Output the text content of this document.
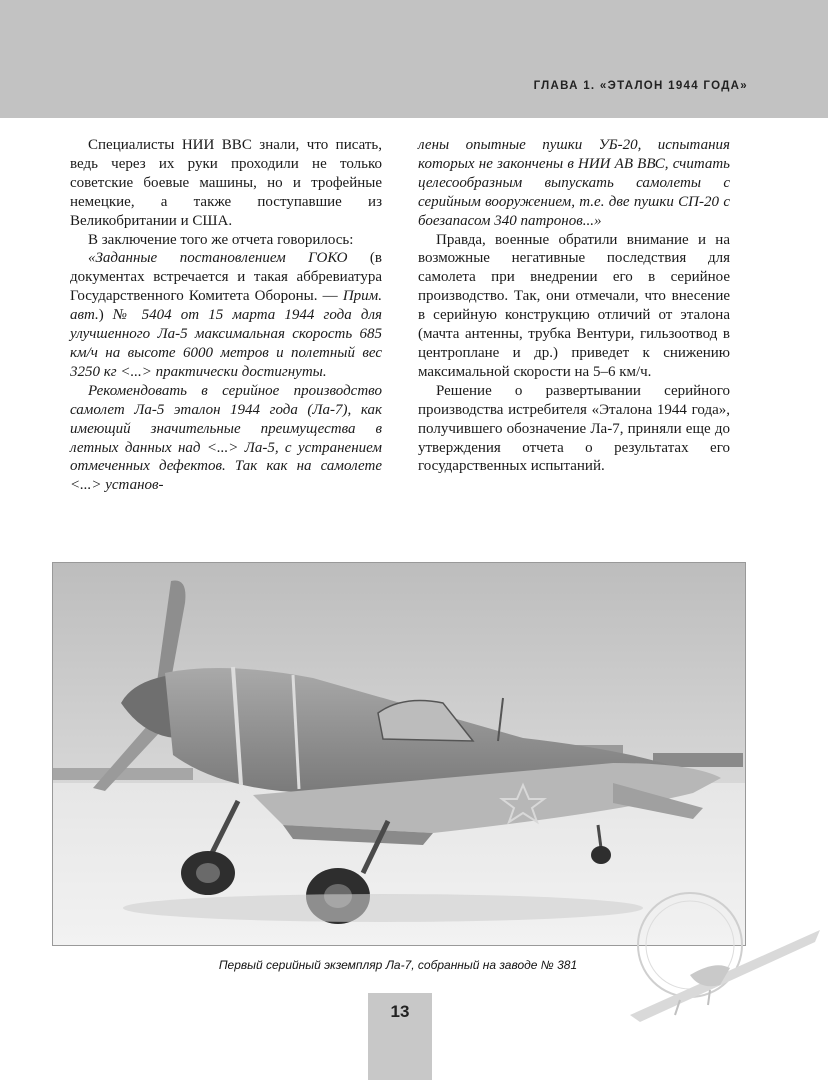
ГЛАВА 1. «ЭТАЛОН 1944 ГОДА»

Специалисты НИИ ВВС знали, что писать, ведь через их руки проходили не только советские боевые машины, но и трофейные немецкие, а также поступавшие из Великобритании и США.

В заключение того же отчета говорилось:

«Заданные постановлением ГОКО (в документах встречается и такая аббревиатура Государственного Комитета Обороны. — Прим. авт.) № 5404 от 15 марта 1944 года для улучшенного Ла-5 максимальная скорость 685 км/ч на высоте 6000 метров и полетный вес 3250 кг <...> практически достигнуты.

Рекомендовать в серийное производство самолет Ла-5 эталон 1944 года (Ла-7), как имеющий значительные преимущества в летных данных над <...> Ла-5, с устранением отмеченных дефектов. Так как на самолете <...> установ-

лены опытные пушки УБ-20, испытания которых не закончены в НИИ АВ ВВС, считать целесообразным выпускать самолеты с серийным вооружением, т.е. две пушки СП-20 с боезапасом 340 патронов...»

Правда, военные обратили внимание и на возможные негативные последствия для самолета при внедрении его в серийное производство. Так, они отмечали, что внесение в серийную конструкцию отличий от эталона (мачта антенны, трубка Вентури, гильзоотвод в центроплане и др.) приведет к снижению максимальной скорости на 5–6 км/ч.

Решение о развертывании серийного производства истребителя «Эталона 1944 года», получившего обозначение Ла-7, приняли еще до утверждения отчета о результатах его государственных испытаний.

Первый серийный экземпляр Ла-7, собранный на заводе № 381
13
